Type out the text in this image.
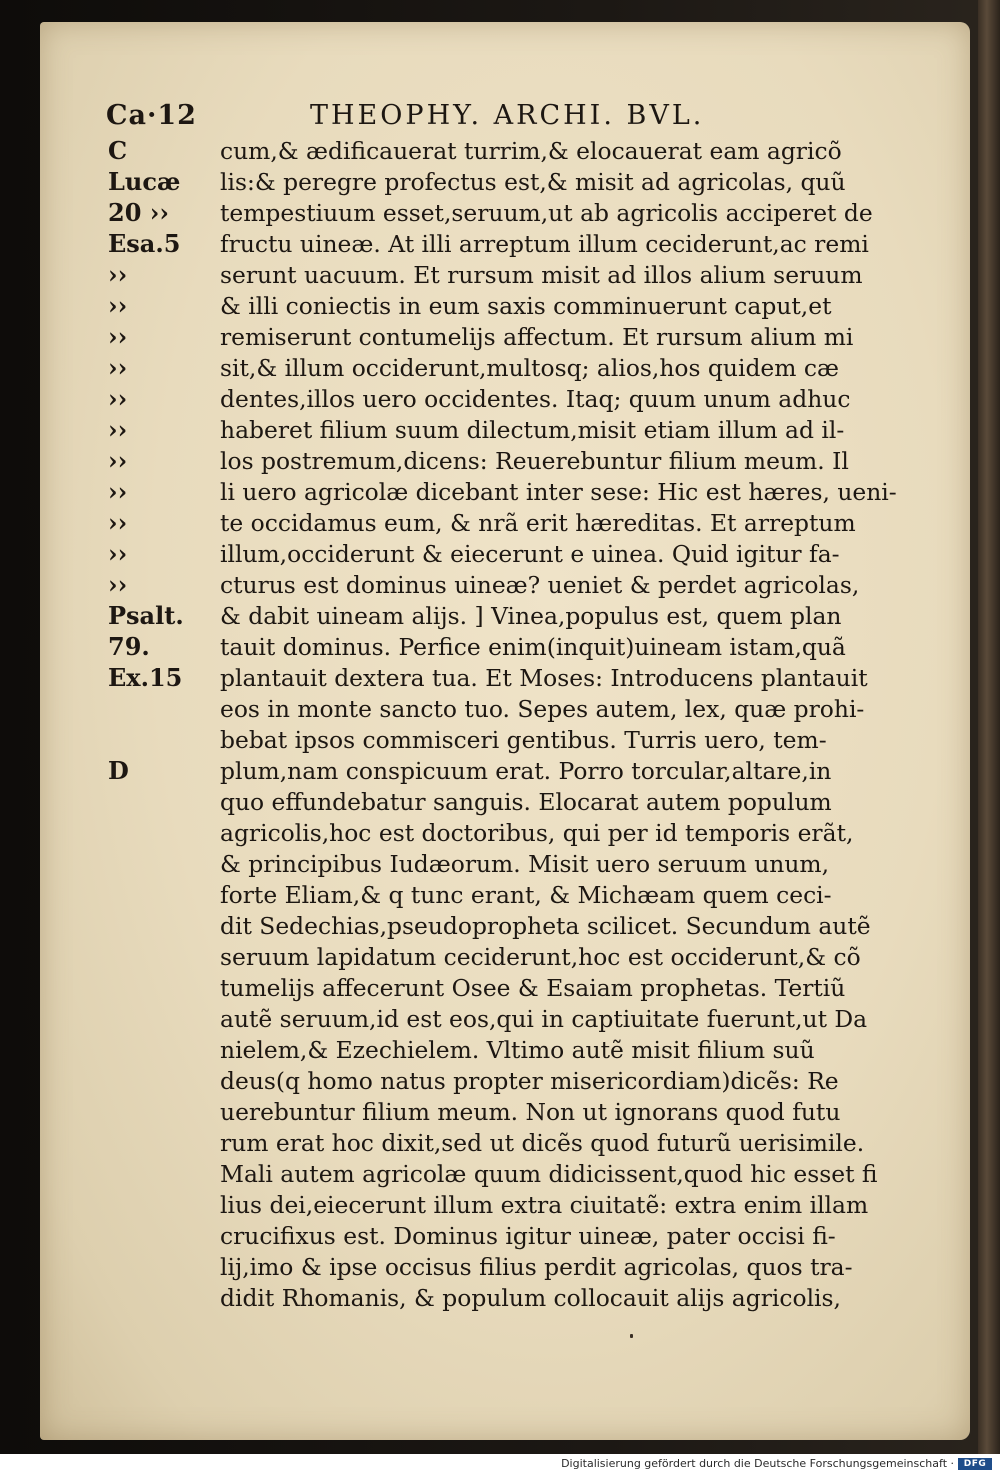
Ca·12	THEOPHY. ARCHI. BVL.
C
Lucæ
20 ››
Esa.5
››
››
››
››
››
››
››
››
››
››
››
Psalt.
79.
Ex.15
D
cum,& ædificauerat turrim,& elocauerat eam agricõ
lis:& peregre profectus est,& misit ad agricolas, quũ
tempestiuum esset,seruum,ut ab agricolis acciperet de
fructu uineæ. At illi arreptum illum ceciderunt,ac remi
serunt uacuum. Et rursum misit ad illos alium seruum
& illi coniectis in eum saxis comminuerunt caput,et
remiserunt contumelijs affectum. Et rursum alium mi
sit,& illum occiderunt,multosq; alios,hos quidem cæ
dentes,illos uero occidentes. Itaq; quum unum adhuc
haberet filium suum dilectum,misit etiam illum ad il-
los postremum,dicens: Reuerebuntur filium meum. Il
li uero agricolæ dicebant inter sese: Hic est hæres, ueni-
te occidamus eum, & nrã erit hæreditas. Et arreptum
illum,occiderunt & eiecerunt e uinea. Quid igitur fa-
cturus est dominus uineæ? ueniet & perdet agricolas,
& dabit uineam alijs. ] Vinea,populus est, quem plan
tauit dominus. Perfice enim(inquit)uineam istam,quã
plantauit dextera tua. Et Moses: Introducens plantauit
eos in monte sancto tuo. Sepes autem, lex, quæ prohi-
bebat ipsos commisceri gentibus. Turris uero, tem-
plum,nam conspicuum erat. Porro torcular,altare,in
quo effundebatur sanguis. Elocarat autem populum
agricolis,hoc est doctoribus, qui per id temporis erãt,
& principibus Iudæorum. Misit uero seruum unum,
forte Eliam,& q tunc erant, & Michæam quem ceci-
dit Sedechias,pseudopropheta scilicet. Secundum autẽ
seruum lapidatum ceciderunt,hoc est occiderunt,& cõ
tumelijs affecerunt Osee & Esaiam prophetas. Tertiũ
autẽ seruum,id est eos,qui in captiuitate fuerunt,ut Da
nielem,& Ezechielem. Vltimo autẽ misit filium suũ
deus(q homo natus propter misericordiam)dicẽs: Re
uerebuntur filium meum. Non ut ignorans quod futu
rum erat hoc dixit,sed ut dicẽs quod futurũ uerisimile.
Mali autem agricolæ quum didicissent,quod hic esset fi
lius dei,eiecerunt illum extra ciuitatẽ: extra enim illam
crucifixus est. Dominus igitur uineæ, pater occisi fi-
lij,imo & ipse occisus filius perdit agricolas, quos tra-
didit Rhomanis, & populum collocauit alijs agricolis,
Digitalisierung gefördert durch die Deutsche Forschungsgemeinschaft ·	DFG
